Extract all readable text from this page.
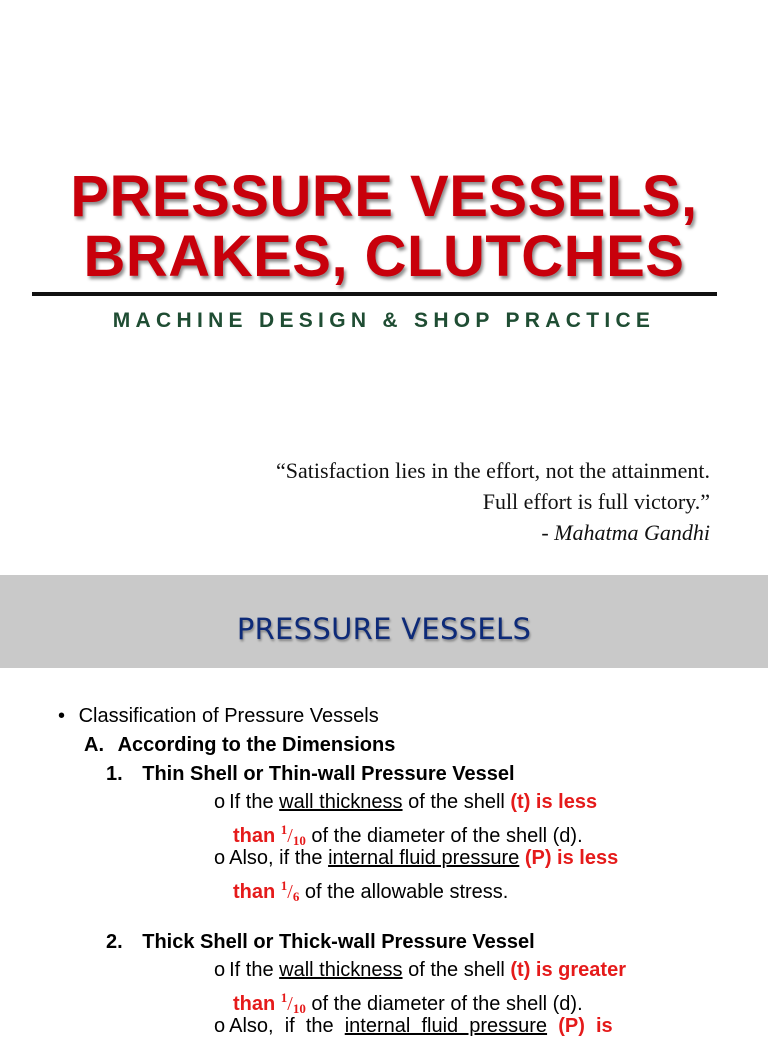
PRESSURE VESSELS,
BRAKES, CLUTCHES
MACHINE DESIGN & SHOP PRACTICE
“Satisfaction lies in the effort, not the attainment.
Full effort is full victory.”
- Mahatma Gandhi
PRESSURE VESSELS
• Classification of Pressure Vessels
A. According to the Dimensions
1. Thin Shell or Thin-wall Pressure Vessel
o If the wall thickness of the shell (t) is less
than $^1/_{10}$ of the diameter of the shell (d).
o Also, if the internal fluid pressure (P) is less
than $^1/_6$ of the allowable stress.
2. Thick Shell or Thick-wall Pressure Vessel
o If the wall thickness of the shell (t) is greater
than $^1/_{10}$ of the diameter of the shell (d).
o Also,  if  the  internal  fluid  pressure (P)  is
